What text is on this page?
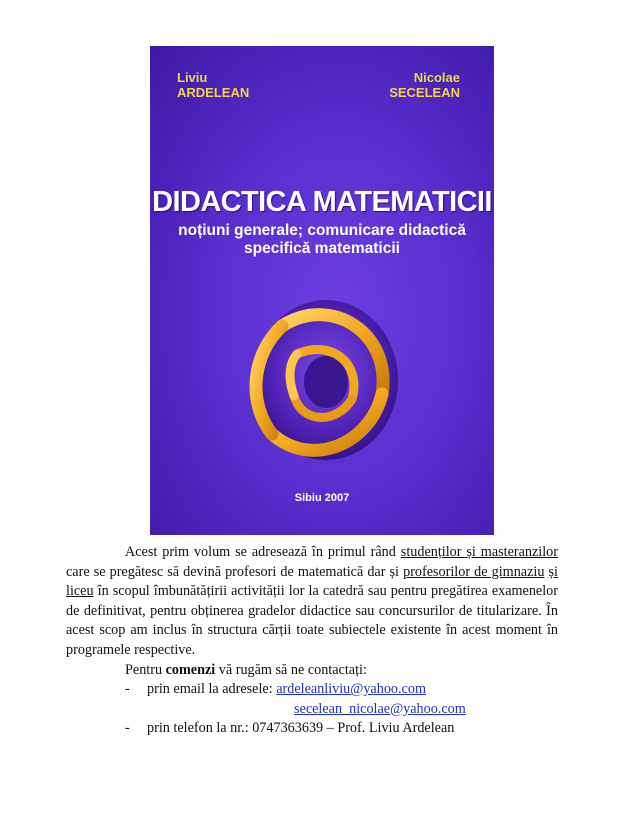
Liviu
ARDELEAN
Nicolae
SECELEAN
DIDACTICA MATEMATICII
noțiuni generale; comunicare didactică
specifică matematicii
Sibiu 2007

Acest prim volum se adresează în primul rând studenților și masteranzilor care se pregătesc să devină profesori de matematică dar și profesorilor de gimnaziu și liceu în scopul îmbunătățirii activității lor la catedră sau pentru pregătirea examenelor de definitivat, pentru obținerea gradelor didactice sau concursurilor de titularizare. În acest scop am inclus în structura cărții toate subiectele existente în acest moment în programele respective.

Pentru comenzi vă rugăm să ne contactați:

- prin email la adresele: ardeleanliviu@yahoo.com

secelean_nicolae@yahoo.com

- prin telefon la nr.: 0747363639 – Prof. Liviu Ardelean
